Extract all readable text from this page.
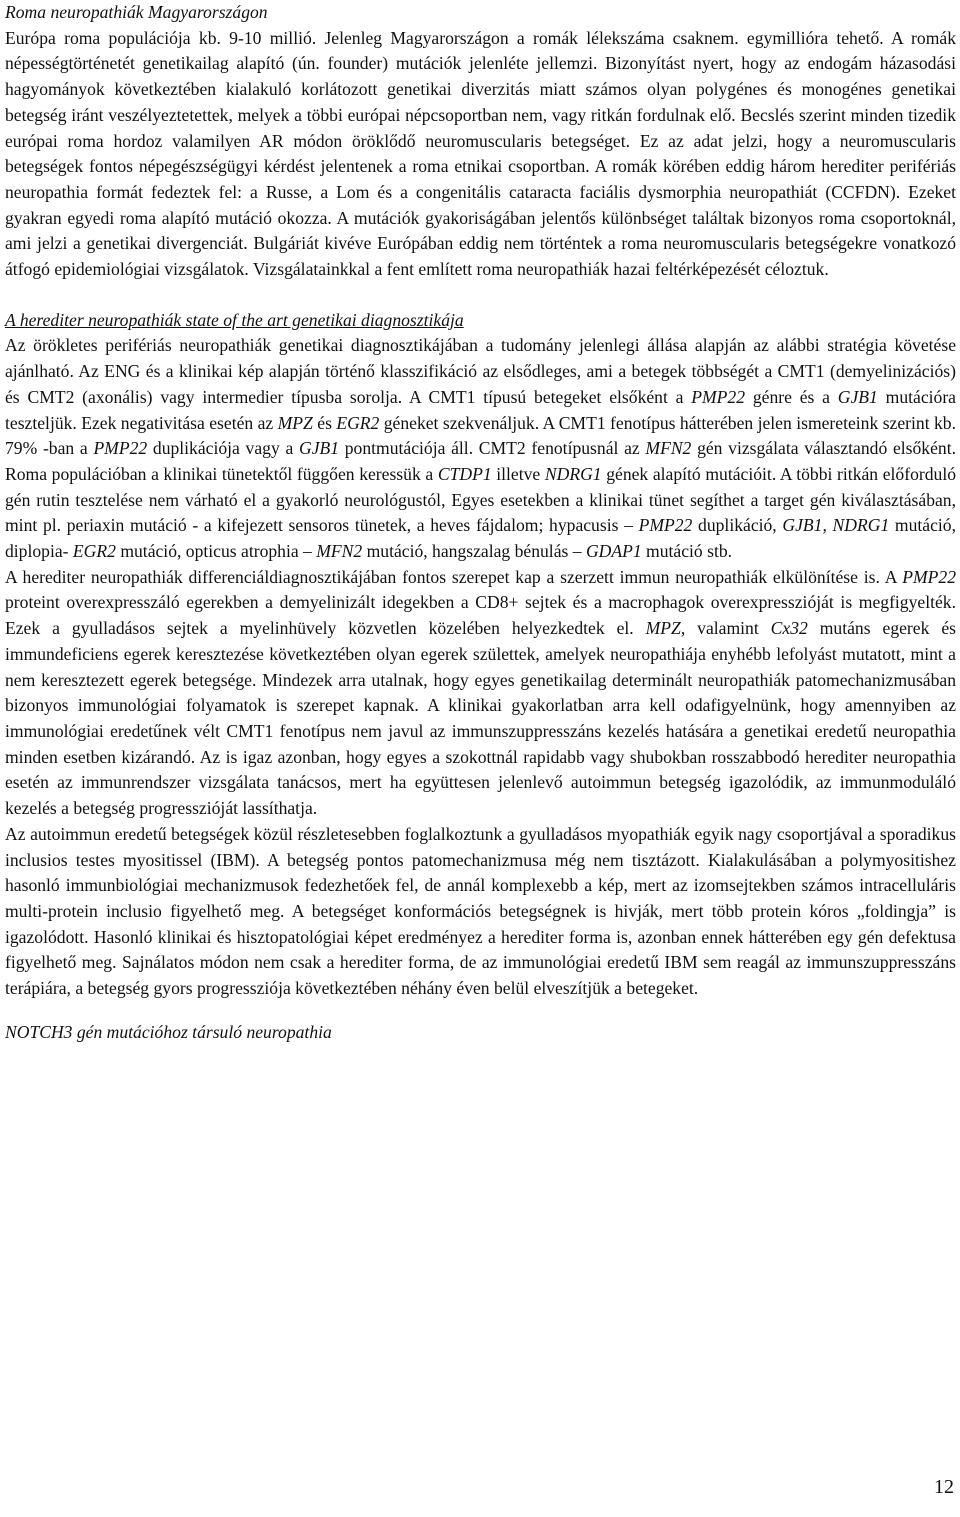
Roma neuropathiák Magyarországon

Európa roma populációja kb. 9-10 millió. Jelenleg Magyarországon a romák lélekszáma csaknem. egymillióra tehető. A romák népességtörténetét genetikailag alapító (ún. founder) mutációk jelenléte jellemzi. Bizonyítást nyert, hogy az endogám házasodási hagyományok következtében kialakuló korlátozott genetikai diverzitás miatt számos olyan polygénes és monogénes genetikai betegség iránt veszélyeztetettek, melyek a többi európai népcsoportban nem, vagy ritkán fordulnak elő. Becslés szerint minden tizedik európai roma hordoz valamilyen AR módon öröklődő neuromuscularis betegséget. Ez az adat jelzi, hogy a neuromuscularis betegségek fontos népegészségügyi kérdést jelentenek a roma etnikai csoportban. A romák körében eddig három herediter perifériás neuropathia formát fedeztek fel: a Russe, a Lom és a congenitális cataracta faciális dysmorphia neuropathiát (CCFDN). Ezeket gyakran egyedi roma alapító mutáció okozza. A mutációk gyakoriságában jelentős különbséget találtak bizonyos roma csoportoknál, ami jelzi a genetikai divergenciát. Bulgáriát kivéve Európában eddig nem történtek a roma neuromuscularis betegségekre vonatkozó átfogó epidemiológiai vizsgálatok. Vizsgálatainkkal a fent említett roma neuropathiák hazai feltérképezését céloztuk.

A herediter neuropathiák state of the art genetikai diagnosztikája

Az örökletes perifériás neuropathiák genetikai diagnosztikájában a tudomány jelenlegi állása alapján az alábbi stratégia követése ajánlható. Az ENG és a klinikai kép alapján történő klasszifikáció az elsődleges, ami a betegek többségét a CMT1 (demyelinizációs) és CMT2 (axonális) vagy intermedier típusba sorolja. A CMT1 típusú betegeket elsőként a PMP22 génre és a GJB1 mutációra teszteljük. Ezek negativitása esetén az MPZ és EGR2 géneket szekvenáljuk. A CMT1 fenotípus hátterében jelen ismereteink szerint kb. 79% -ban a PMP22 duplikációja vagy a GJB1 pontmutációja áll. CMT2 fenotípusnál az MFN2 gén vizsgálata választandó elsőként. Roma populációban a klinikai tünetektől függően keressük a CTDP1 illetve NDRG1 gének alapító mutációit. A többi ritkán előforduló gén rutin tesztelése nem várható el a gyakorló neurológustól, Egyes esetekben a klinikai tünet segíthet a target gén kiválasztásában, mint pl. periaxin mutáció - a kifejezett sensoros tünetek, a heves fájdalom; hypacusis – PMP22 duplikáció, GJB1, NDRG1 mutáció, diplopia- EGR2 mutáció, opticus atrophia – MFN2 mutáció, hangszalag bénulás – GDAP1 mutáció stb.

A herediter neuropathiák differenciáldiagnosztikájában fontos szerepet kap a szerzett immun neuropathiák elkülönítése is. A PMP22 proteint overexpresszáló egerekben a demyelinizált idegekben a CD8+ sejtek és a macrophagok overexpresszióját is megfigyelték. Ezek a gyulladásos sejtek a myelinhüvely közvetlen közelében helyezkedtek el. MPZ, valamint Cx32 mutáns egerek és immundeficiens egerek keresztezése következtében olyan egerek születtek, amelyek neuropathiája enyhébb lefolyást mutatott, mint a nem keresztezett egerek betegsége. Mindezek arra utalnak, hogy egyes genetikailag determinált neuropathiák patomechanizmusában bizonyos immunológiai folyamatok is szerepet kapnak. A klinikai gyakorlatban arra kell odafigyelnünk, hogy amennyiben az immunológiai eredetűnek vélt CMT1 fenotípus nem javul az immunszuppresszáns kezelés hatására a genetikai eredetű neuropathia minden esetben kizárandó. Az is igaz azonban, hogy egyes a szokottnál rapidabb vagy shubokban rosszabbodó herediter neuropathia esetén az immunrendszer vizsgálata tanácsos, mert ha együttesen jelenlevő autoimmun betegség igazolódik, az immunmoduláló kezelés a betegség progresszióját lassíthatja.

Az autoimmun eredetű betegségek közül részletesebben foglalkoztunk a gyulladásos myopathiák egyik nagy csoportjával a sporadikus inclusios testes myositissel (IBM). A betegség pontos patomechanizmusa még nem tisztázott. Kialakulásában a polymyositishez hasonló immunbiológiai mechanizmusok fedezhetőek fel, de annál komplexebb a kép, mert az izomsejtekben számos intracelluláris multi-protein inclusio figyelhető meg. A betegséget konformációs betegségnek is hivják, mert több protein kóros „foldingja” is igazolódott. Hasonló klinikai és hisztopatológiai képet eredményez a herediter forma is, azonban ennek hátterében egy gén defektusa figyelhető meg. Sajnálatos módon nem csak a herediter forma, de az immunológiai eredetű IBM sem reagál az immunszuppresszáns terápiára, a betegség gyors progressziója következtében néhány éven belül elveszítjük a betegeket.

NOTCH3 gén mutációhoz társuló neuropathia

12
